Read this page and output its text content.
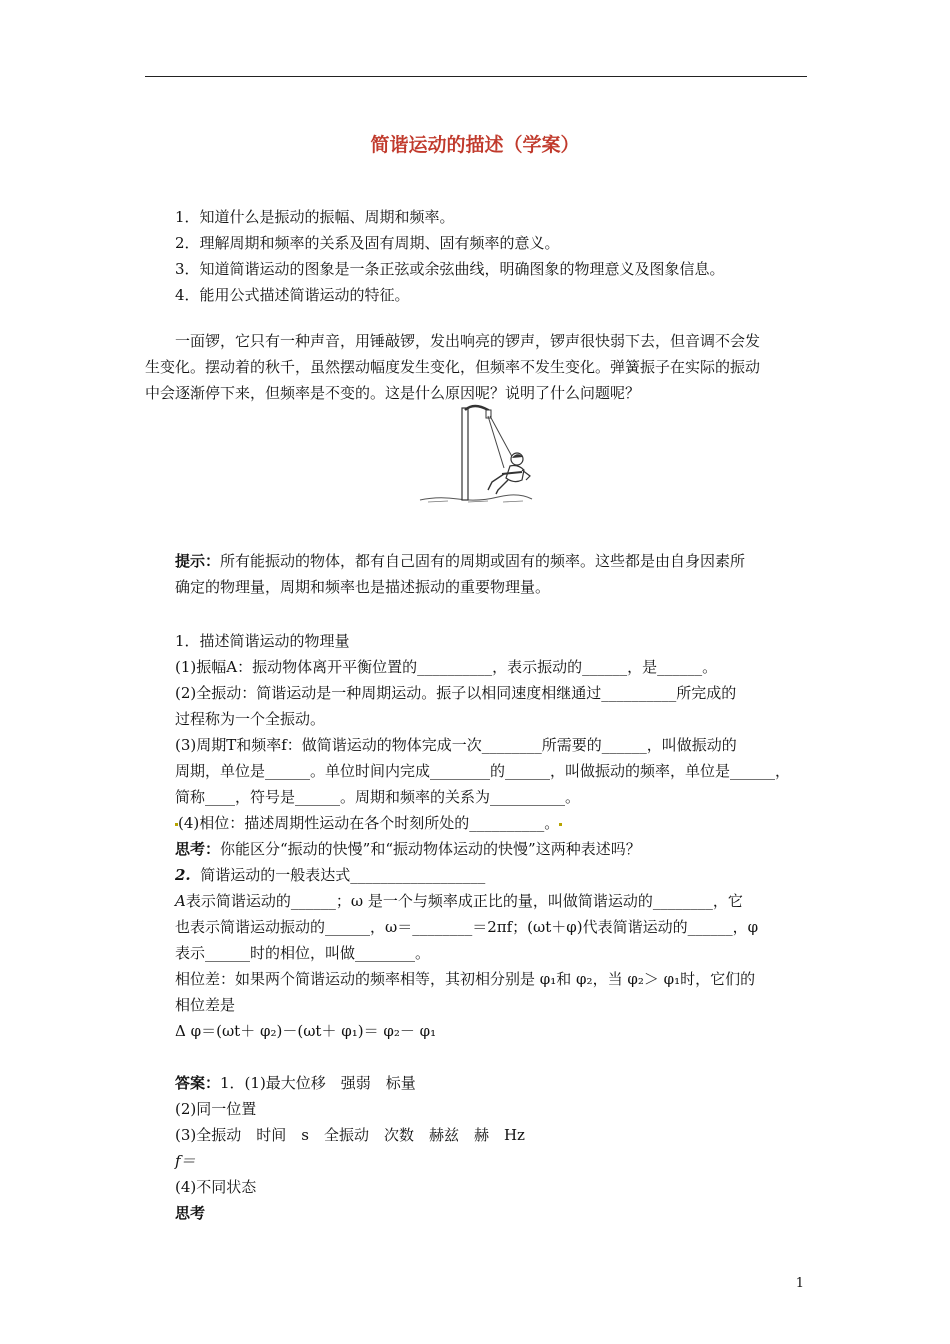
简谐运动的描述（学案）
1．知道什么是振动的振幅、周期和频率。
2．理解周期和频率的关系及固有周期、固有频率的意义。
3．知道简谐运动的图象是一条正弦或余弦曲线，明确图象的物理意义及图象信息。
4．能用公式描述简谐运动的特征。
一面锣，它只有一种声音，用锤敲锣，发出响亮的锣声，锣声很快弱下去，但音调不会发
生变化。摆动着的秋千，虽然摆动幅度发生变化，但频率不发生变化。弹簧振子在实际的振动
中会逐渐停下来，但频率是不变的。这是什么原因呢？说明了什么问题呢？
提示：所有能振动的物体，都有自己固有的周期或固有的频率。这些都是由自身因素所
确定的物理量，周期和频率也是描述振动的重要物理量。
1．描述简谐运动的物理量
(1)振幅A：振动物体离开平衡位置的__________，表示振动的______，是______。
(2)全振动：简谐运动是一种周期运动。振子以相同速度相继通过__________所完成的
过程称为一个全振动。
(3)周期T和频率f：做简谐运动的物体完成一次________所需要的______，叫做振动的
周期，单位是______。单位时间内完成________的______，叫做振动的频率，单位是______，
简称____，符号是______。周期和频率的关系为__________。
(4)相位：描述周期性运动在各个时刻所处的__________。
思考：你能区分“振动的快慢”和“振动物体运动的快慢”这两种表述吗？
2. 简谐运动的一般表达式__________________
A表示简谐运动的______；ω 是一个与频率成正比的量，叫做简谐运动的________，它
也表示简谐运动振动的______，ω＝________＝2πf；(ωt＋φ)代表简谐运动的______，φ
表示______时的相位，叫做________。
相位差：如果两个简谐运动的频率相等，其初相分别是 φ₁和 φ₂，当 φ₂＞ φ₁时，它们的
相位差是
Δ φ＝(ωt＋ φ₂)－(ωt＋ φ₁)＝ φ₂－ φ₁
答案：1．(1)最大位移　强弱　标量
(2)同一位置
(3)全振动　时间　s　全振动　次数　赫兹　赫　Hz
f＝
(4)不同状态
思考
1
